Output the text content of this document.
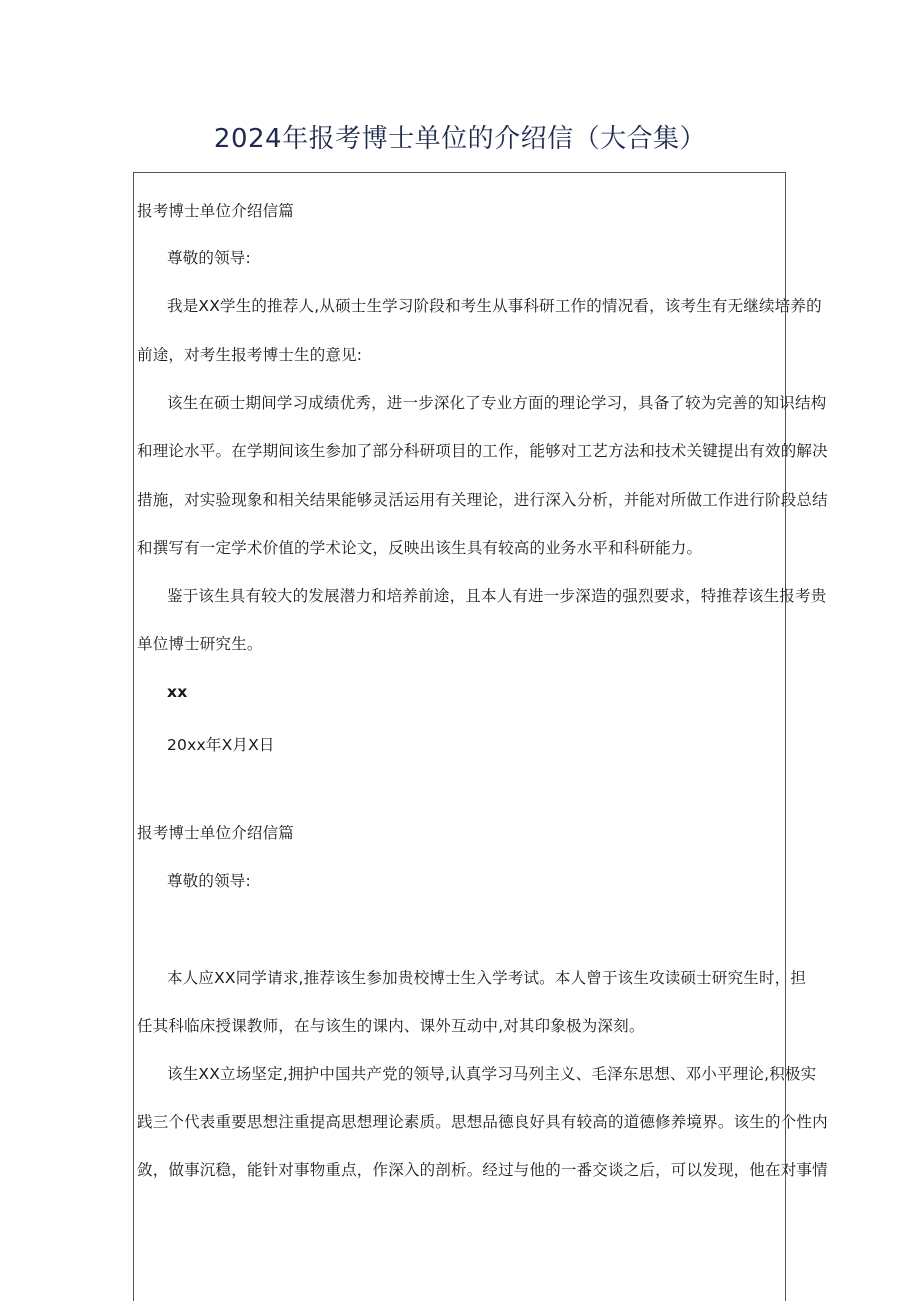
2024年报考博士单位的介绍信（大合集）
报考博士单位介绍信篇
尊敬的领导:
我是XX学生的推荐人,从硕士生学习阶段和考生从事科研工作的情况看，该考生有无继续培养的
前途，对考生报考博士生的意见:
该生在硕士期间学习成绩优秀，进一步深化了专业方面的理论学习，具备了较为完善的知识结构
和理论水平。在学期间该生参加了部分科研项目的工作，能够对工艺方法和技术关键提出有效的解决
措施，对实验现象和相关结果能够灵活运用有关理论，进行深入分析，并能对所做工作进行阶段总结
和撰写有一定学术价值的学术论文，反映出该生具有较高的业务水平和科研能力。
鉴于该生具有较大的发展潜力和培养前途，且本人有进一步深造的强烈要求，特推荐该生报考贵
单位博士研究生。
xx
20xx年X月X日
报考博士单位介绍信篇
尊敬的领导:
本人应XX同学请求,推荐该生参加贵校博士生入学考试。本人曾于该生攻读硕士研究生时，担
任其科临床授课教师，在与该生的课内、课外互动中,对其印象极为深刻。
该生XX立场坚定,拥护中国共产党的领导,认真学习马列主义、毛泽东思想、邓小平理论,积极实
践三个代表重要思想注重提高思想理论素质。思想品德良好具有较高的道德修养境界。该生的个性内
敛，做事沉稳，能针对事物重点，作深入的剖析。经过与他的一番交谈之后，可以发现，他在对事情
